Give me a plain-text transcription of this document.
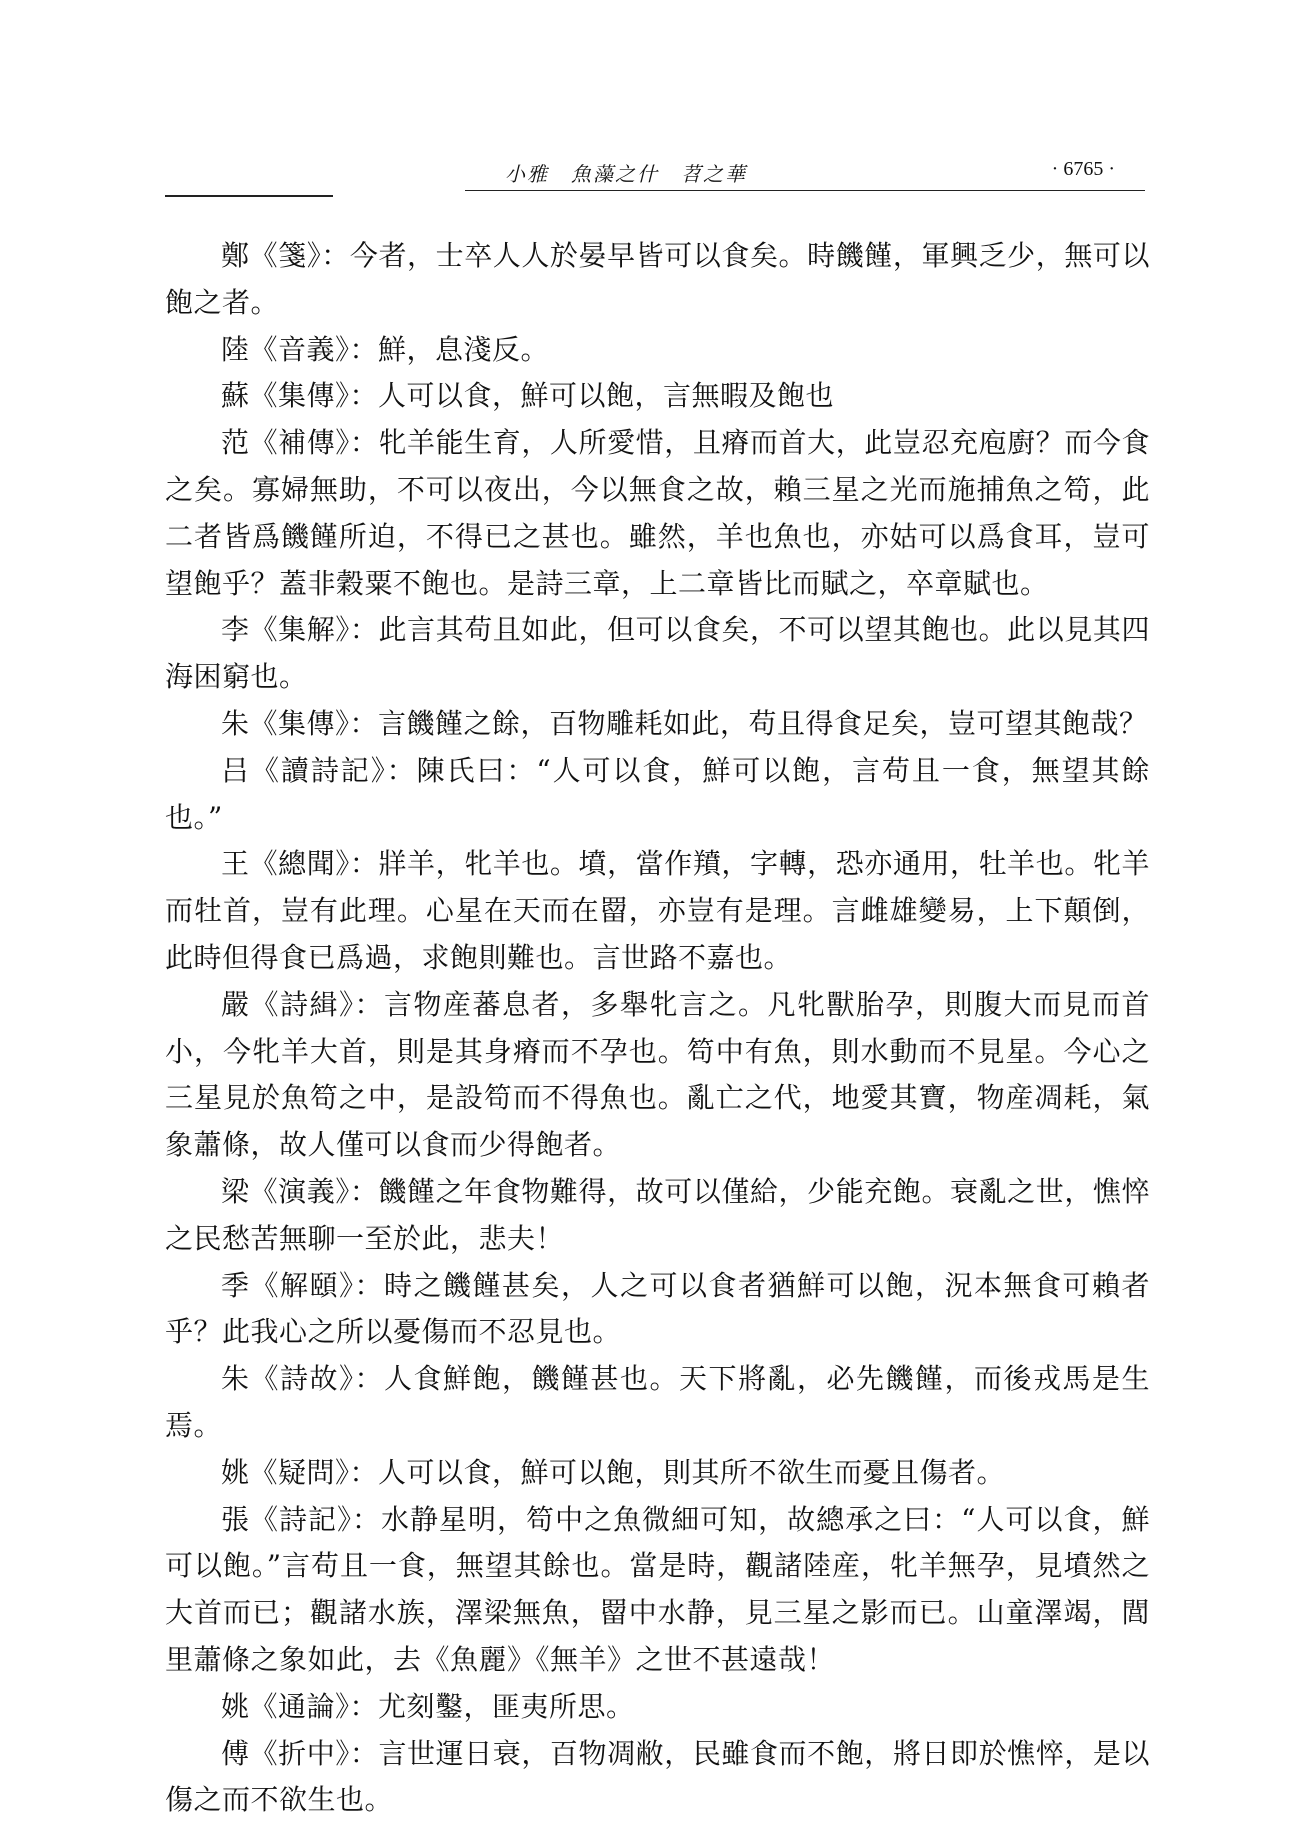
小雅 魚藻之什 苕之華	· 6765 ·

鄭《箋》：今者，士卒人人於晏早皆可以食矣。時饑饉，軍興乏少，無可以飽之者。

陸《音義》：鮮，息淺反。

蘇《集傳》：人可以食，鮮可以飽，言無暇及飽也

范《補傳》：牝羊能生育，人所愛惜，且瘠而首大，此豈忍充庖廚？而今食之矣。寡婦無助，不可以夜出，今以無食之故，賴三星之光而施捕魚之笱，此二者皆爲饑饉所迫，不得已之甚也。雖然，羊也魚也，亦姑可以爲食耳，豈可望飽乎？蓋非穀粟不飽也。是詩三章，上二章皆比而賦之，卒章賦也。

李《集解》：此言其苟且如此，但可以食矣，不可以望其飽也。此以見其四海困窮也。

朱《集傳》：言饑饉之餘，百物雕耗如此，苟且得食足矣，豈可望其飽哉？

吕《讀詩記》：陳氏曰：“人可以食，鮮可以飽，言苟且一食，無望其餘也。”

王《總聞》：牂羊，牝羊也。墳，當作羵，字轉，恐亦通用，牡羊也。牝羊而牡首，豈有此理。心星在天而在罶，亦豈有是理。言雌雄變易，上下顛倒，此時但得食已爲過，求飽則難也。言世路不嘉也。

嚴《詩緝》：言物産蕃息者，多舉牝言之。凡牝獸胎孕，則腹大而見而首小，今牝羊大首，則是其身瘠而不孕也。笱中有魚，則水動而不見星。今心之三星見於魚笱之中，是設笱而不得魚也。亂亡之代，地愛其寶，物産凋耗，氣象蕭條，故人僅可以食而少得飽者。

梁《演義》：饑饉之年食物難得，故可以僅給，少能充飽。衰亂之世，憔悴之民愁苦無聊一至於此，悲夫！

季《解頤》：時之饑饉甚矣，人之可以食者猶鮮可以飽，況本無食可賴者乎？此我心之所以憂傷而不忍見也。

朱《詩故》：人食鮮飽，饑饉甚也。天下將亂，必先饑饉，而後戎馬是生焉。

姚《疑問》：人可以食，鮮可以飽，則其所不欲生而憂且傷者。

張《詩記》：水静星明，笱中之魚微細可知，故總承之曰：“人可以食，鮮可以飽。”言苟且一食，無望其餘也。當是時，觀諸陸産，牝羊無孕，見墳然之大首而已；觀諸水族，澤梁無魚，罶中水静，見三星之影而已。山童澤竭，閭里蕭條之象如此，去《魚麗》《無羊》之世不甚遠哉！

姚《通論》：尤刻鑿，匪夷所思。

傅《折中》：言世運日衰，百物凋敝，民雖食而不飽，將日即於憔悴，是以傷之而不欲生也。
